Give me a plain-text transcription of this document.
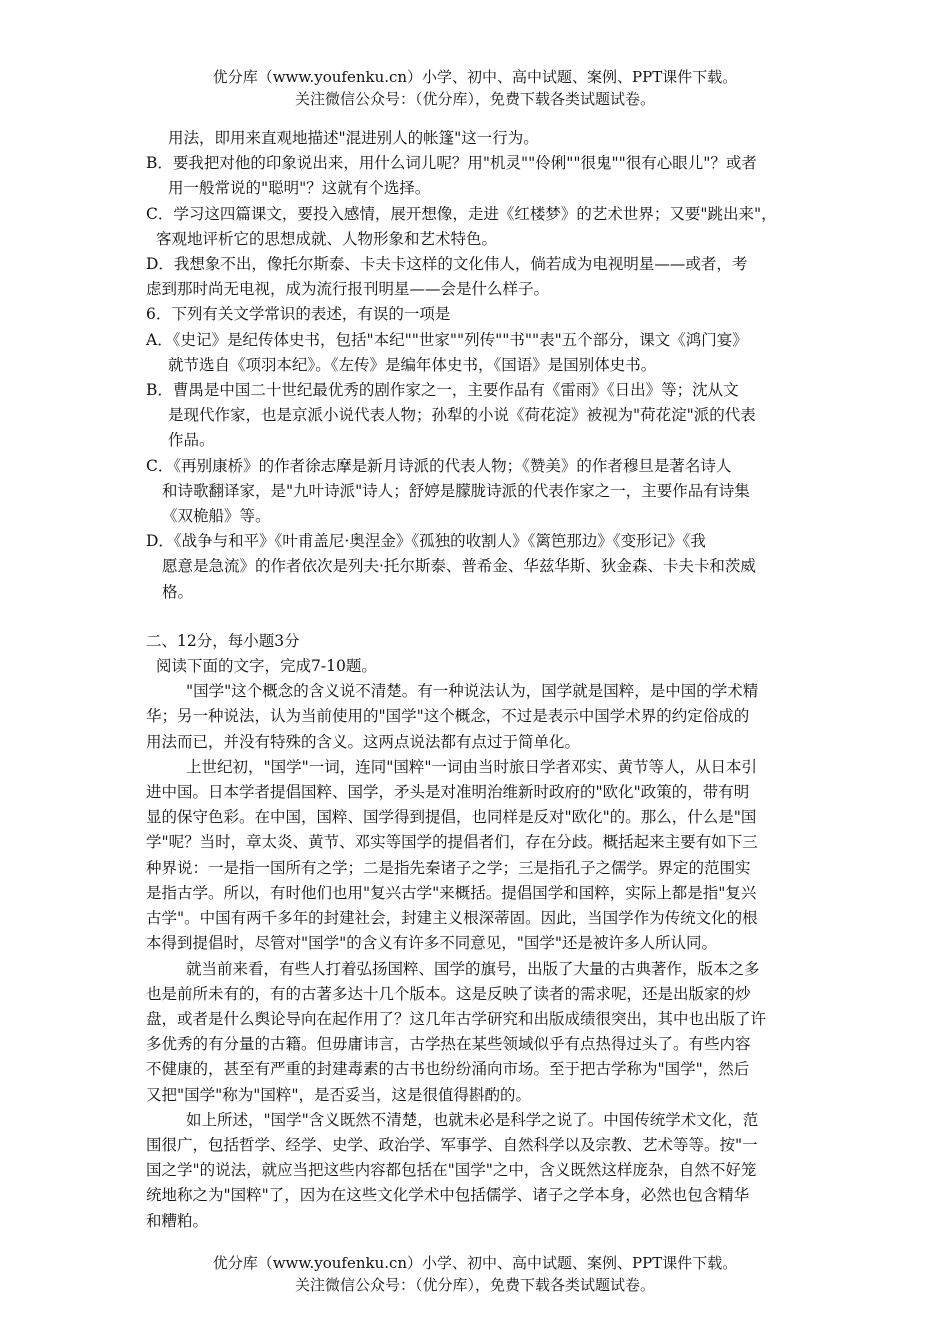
优分库（www.youfenku.cn）小学、初中、高中试题、案例、PPT课件下载。
关注微信公众号：（优分库），免费下载各类试题试卷。
用法，即用来直观地描述"混进别人的帐篷"这一行为。
B．要我把对他的印象说出来，用什么词儿呢？用"机灵""伶俐""很鬼""很有心眼儿"？或者
用一般常说的"聪明"？这就有个选择。
C．学习这四篇课文，要投入感情，展开想像，走进《红楼梦》的艺术世界；又要"跳出来"，
客观地评析它的思想成就、人物形象和艺术特色。
D．我想象不出，像托尔斯泰、卡夫卡这样的文化伟人，倘若成为电视明星——或者，考
虑到那时尚无电视，成为流行报刊明星——会是什么样子。
6．下列有关文学常识的表述，有误的一项是
A．《史记》是纪传体史书，包括"本纪""世家""列传""书""表"五个部分，课文《鸿门宴》
就节选自《项羽本纪》。《左传》是编年体史书，《国语》是国别体史书。
B．曹禺是中国二十世纪最优秀的剧作家之一，主要作品有《雷雨》《日出》等；沈从文
是现代作家，也是京派小说代表人物；孙犁的小说《荷花淀》被视为"荷花淀"派的代表
作品。
C．《再别康桥》的作者徐志摩是新月诗派的代表人物；《赞美》的作者穆旦是著名诗人
和诗歌翻译家，是"九叶诗派"诗人；舒婷是朦胧诗派的代表作家之一，主要作品有诗集
《双桅船》等。
D．《战争与和平》《叶甫盖尼·奥涅金》《孤独的收割人》《篱笆那边》《变形记》《我
愿意是急流》的作者依次是列夫·托尔斯泰、普希金、华兹华斯、狄金森、卡夫卡和茨威
格。
二、12分，每小题3分
阅读下面的文字，完成7-10题。
"国学"这个概念的含义说不清楚。有一种说法认为，国学就是国粹，是中国的学术精
华；另一种说法，认为当前使用的"国学"这个概念，不过是表示中国学术界的约定俗成的
用法而已，并没有特殊的含义。这两点说法都有点过于简单化。
上世纪初，"国学"一词，连同"国粹"一词由当时旅日学者邓实、黄节等人，从日本引
进中国。日本学者提倡国粹、国学，矛头是对准明治维新时政府的"欧化"政策的，带有明
显的保守色彩。在中国，国粹、国学得到提倡，也同样是反对"欧化"的。那么，什么是"国
学"呢？当时，章太炎、黄节、邓实等国学的提倡者们，存在分歧。概括起来主要有如下三
种界说：一是指一国所有之学；二是指先秦诸子之学；三是指孔子之儒学。界定的范围实
是指古学。所以，有时他们也用"复兴古学"来概括。提倡国学和国粹，实际上都是指"复兴
古学"。中国有两千多年的封建社会，封建主义根深蒂固。因此，当国学作为传统文化的根
本得到提倡时，尽管对"国学"的含义有许多不同意见，"国学"还是被许多人所认同。
就当前来看，有些人打着弘扬国粹、国学的旗号，出版了大量的古典著作，版本之多
也是前所未有的，有的古著多达十几个版本。这是反映了读者的需求呢，还是出版家的炒
盘，或者是什么舆论导向在起作用了？这几年古学研究和出版成绩很突出，其中也出版了许
多优秀的有分量的古籍。但毋庸讳言，古学热在某些领域似乎有点热得过头了。有些内容
不健康的，甚至有严重的封建毒素的古书也纷纷涌向市场。至于把古学称为"国学"，然后
又把"国学"称为"国粹"，是否妥当，这是很值得斟酌的。
如上所述，"国学"含义既然不清楚，也就未必是科学之说了。中国传统学术文化，范
围很广，包括哲学、经学、史学、政治学、军事学、自然科学以及宗教、艺术等等。按"一
国之学"的说法，就应当把这些内容都包括在"国学"之中，含义既然这样庞杂，自然不好笼
统地称之为"国粹"了，因为在这些文化学术中包括儒学、诸子之学本身，必然也包含精华
和糟粕。
优分库（www.youfenku.cn）小学、初中、高中试题、案例、PPT课件下载。
关注微信公众号：（优分库），免费下载各类试题试卷。
